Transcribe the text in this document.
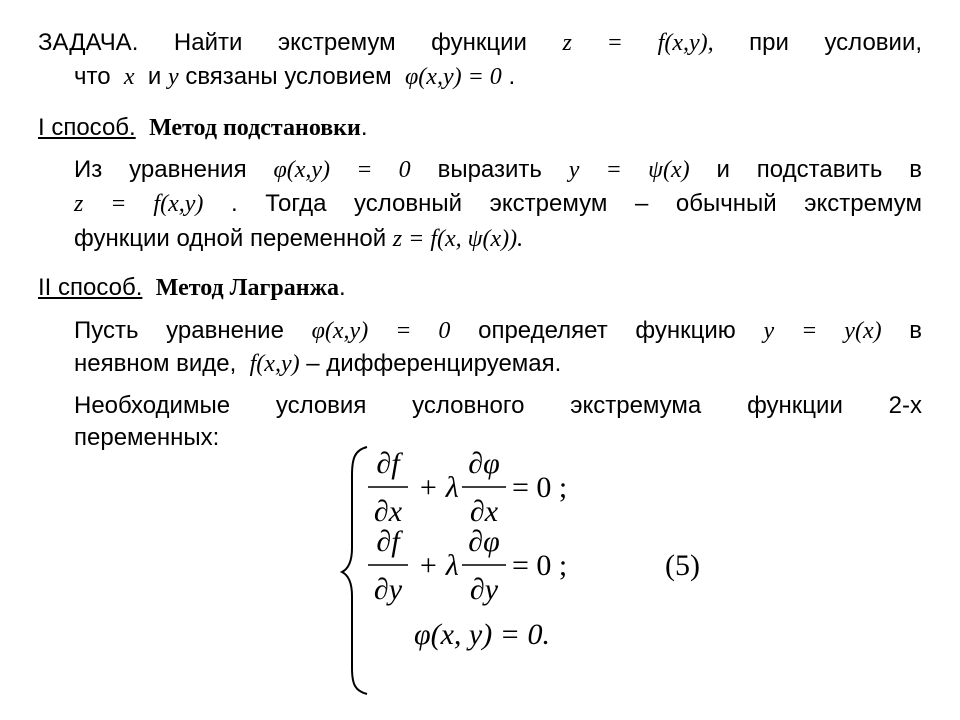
ЗАДАЧА. Найти экстремум функции z = f(x,y), при условии,
что x и y связаны условием φ(x,y) = 0 .
I способ. Метод подстановки.
Из уравнения φ(x,y) = 0 выразить y = ψ(x) и подставить в
z = f(x,y) . Тогда условный экстремум – обычный экстремум
функции одной переменной z = f(x, ψ(x)).
II способ. Метод Лагранжа.
Пусть уравнение φ(x,y) = 0 определяет функцию y = y(x) в
неявном виде, f(x,y) – дифференцируемая.
Необходимые условия условного экстремума функции 2-х
переменных:
∂f
∂x
+ λ
∂φ
∂x
= 0 ;
∂f
∂y
+ λ
∂φ
∂y
= 0 ;	(5)
φ(x, y) = 0.
